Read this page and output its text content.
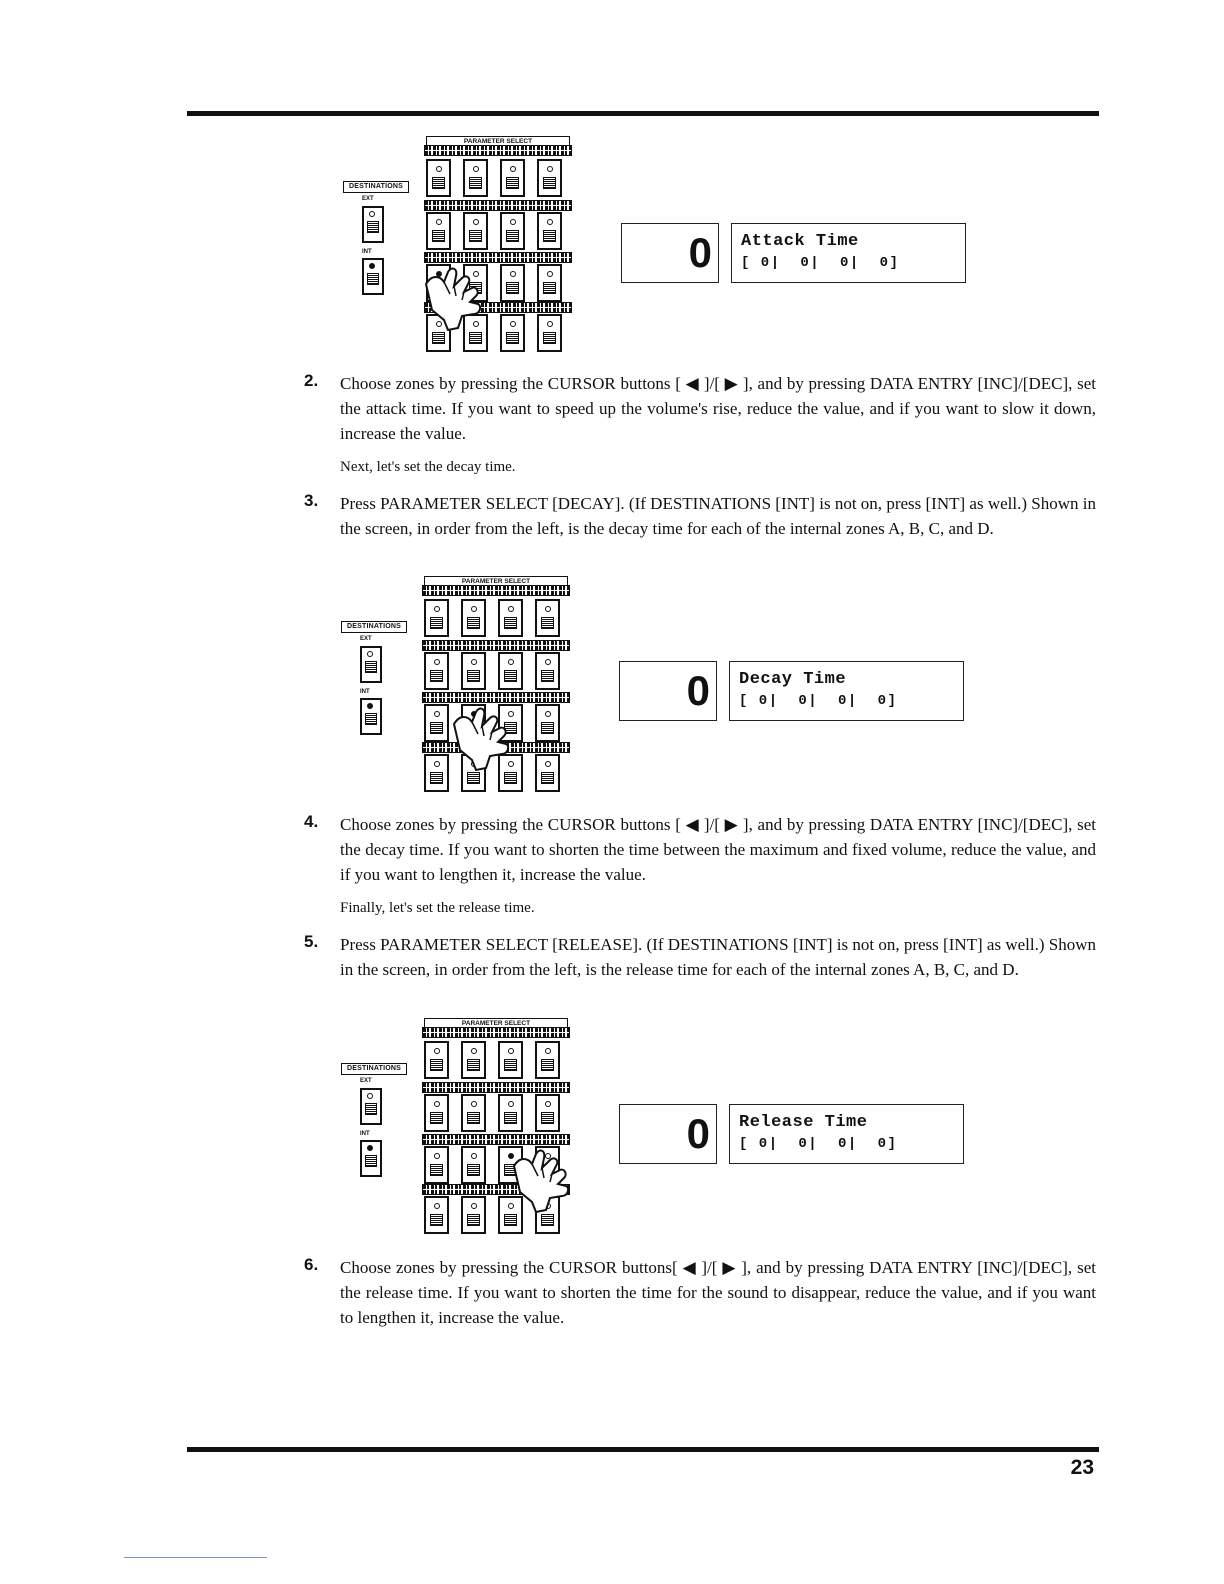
PARAMETER SELECT
DESTINATIONS
EXT
INT	0 Attack Time
[ 0|  0|  0|  0]
2. Choose zones by pressing the CURSOR buttons [ ◀ ]/[ ▶ ], and by pressing DATA ENTRY [INC]/[DEC], set the attack time. If you want to speed up the volume's rise, reduce the value, and if you want to slow it down, increase the value.
Next, let's set the decay time.
3. Press PARAMETER SELECT [DECAY]. (If DESTINATIONS [INT] is not on, press [INT] as well.) Shown in the screen, in order from the left, is the decay time for each of the internal zones A, B, C, and D.
PARAMETER SELECT
DESTINATIONS
EXT
INT	0 Decay Time
[ 0|  0|  0|  0]
4. Choose zones by pressing the CURSOR buttons [ ◀ ]/[ ▶ ], and by pressing DATA ENTRY [INC]/[DEC], set the decay time. If you want to shorten the time between the maximum and fixed volume, reduce the value, and if you want to lengthen it, increase the value.
Finally, let's set the release time.
5. Press PARAMETER SELECT [RELEASE]. (If DESTINATIONS [INT] is not on, press [INT] as well.) Shown in the screen, in order from the left, is the release time for each of the internal zones A, B, C, and D.
PARAMETER SELECT
DESTINATIONS
EXT
INT	0 Release Time
[ 0|  0|  0|  0]
6. Choose zones by pressing the CURSOR buttons[ ◀ ]/[ ▶ ], and by pressing DATA ENTRY [INC]/[DEC], set the release time. If you want to shorten the time for the sound to disappear, reduce the value, and if you want to lengthen it, increase the value.
23
